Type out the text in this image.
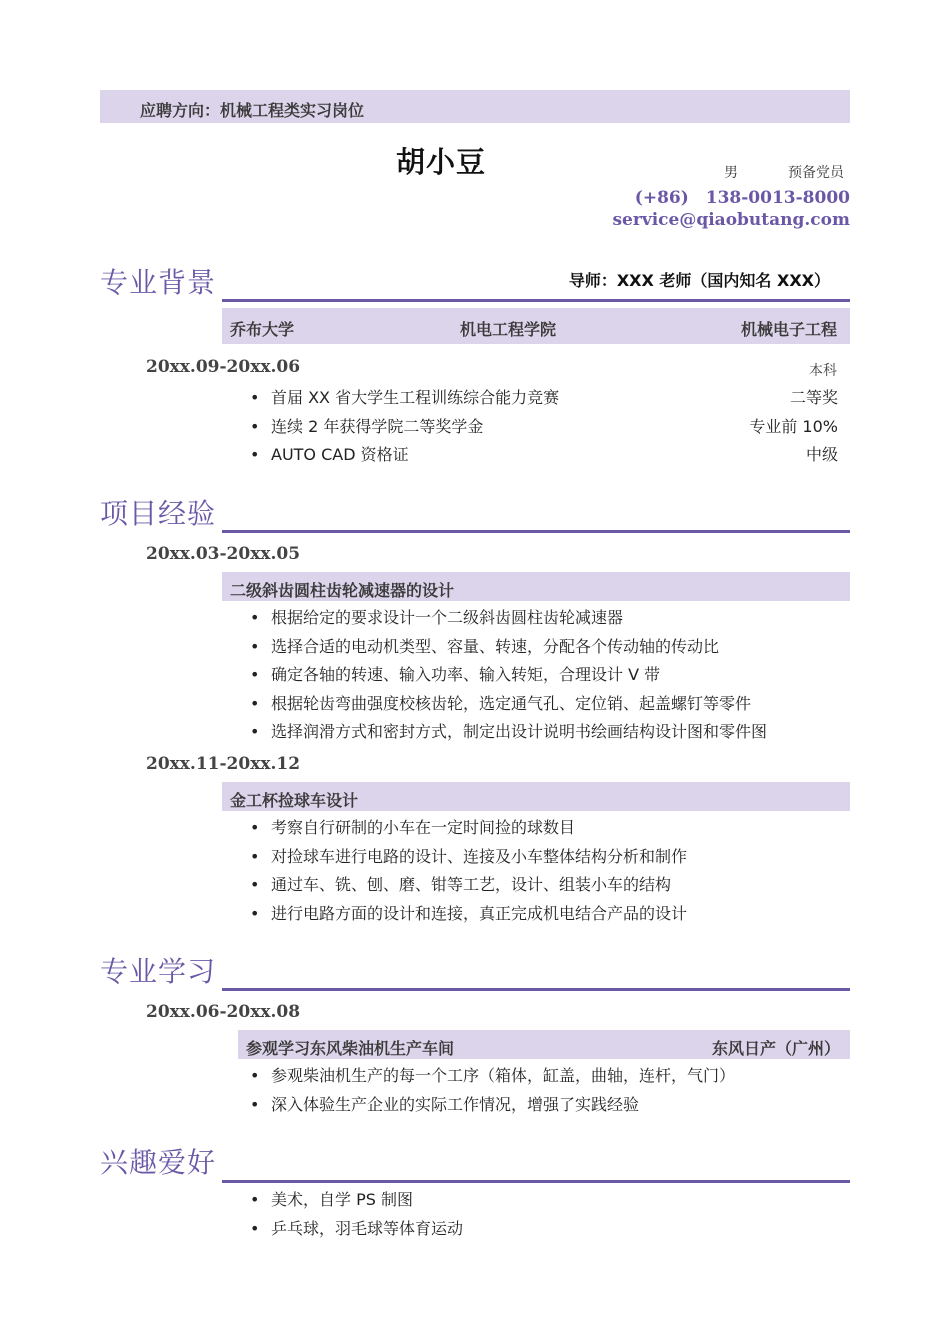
应聘方向：机械工程类实习岗位
胡小豆	男	预备党员
(+86)　138-0013-8000
service@qiaobutang.com
专业背景	导师：XXX 老师（国内知名 XXX）
乔布大学	机电工程学院	机械电子工程
20xx.09-20xx.06	本科
• 首届 XX 省大学生工程训练综合能力竞赛	二等奖
• 连续 2 年获得学院二等奖学金	专业前 10%
• AUTO CAD 资格证	中级
项目经验
20xx.03-20xx.05
二级斜齿圆柱齿轮减速器的设计
• 根据给定的要求设计一个二级斜齿圆柱齿轮减速器
• 选择合适的电动机类型、容量、转速，分配各个传动轴的传动比
• 确定各轴的转速、输入功率、输入转矩，合理设计 V 带
• 根据轮齿弯曲强度校核齿轮，选定通气孔、定位销、起盖螺钉等零件
• 选择润滑方式和密封方式，制定出设计说明书绘画结构设计图和零件图
20xx.11-20xx.12
金工杯捡球车设计
• 考察自行研制的小车在一定时间捡的球数目
• 对捡球车进行电路的设计、连接及小车整体结构分析和制作
• 通过车、铣、刨、磨、钳等工艺，设计、组装小车的结构
• 进行电路方面的设计和连接，真正完成机电结合产品的设计
专业学习
20xx.06-20xx.08
参观学习东风柴油机生产车间	东风日产（广州）
• 参观柴油机生产的每一个工序（箱体，缸盖，曲轴，连杆，气门）
• 深入体验生产企业的实际工作情况，增强了实践经验
兴趣爱好
• 美术，自学 PS 制图
• 乒乓球，羽毛球等体育运动
